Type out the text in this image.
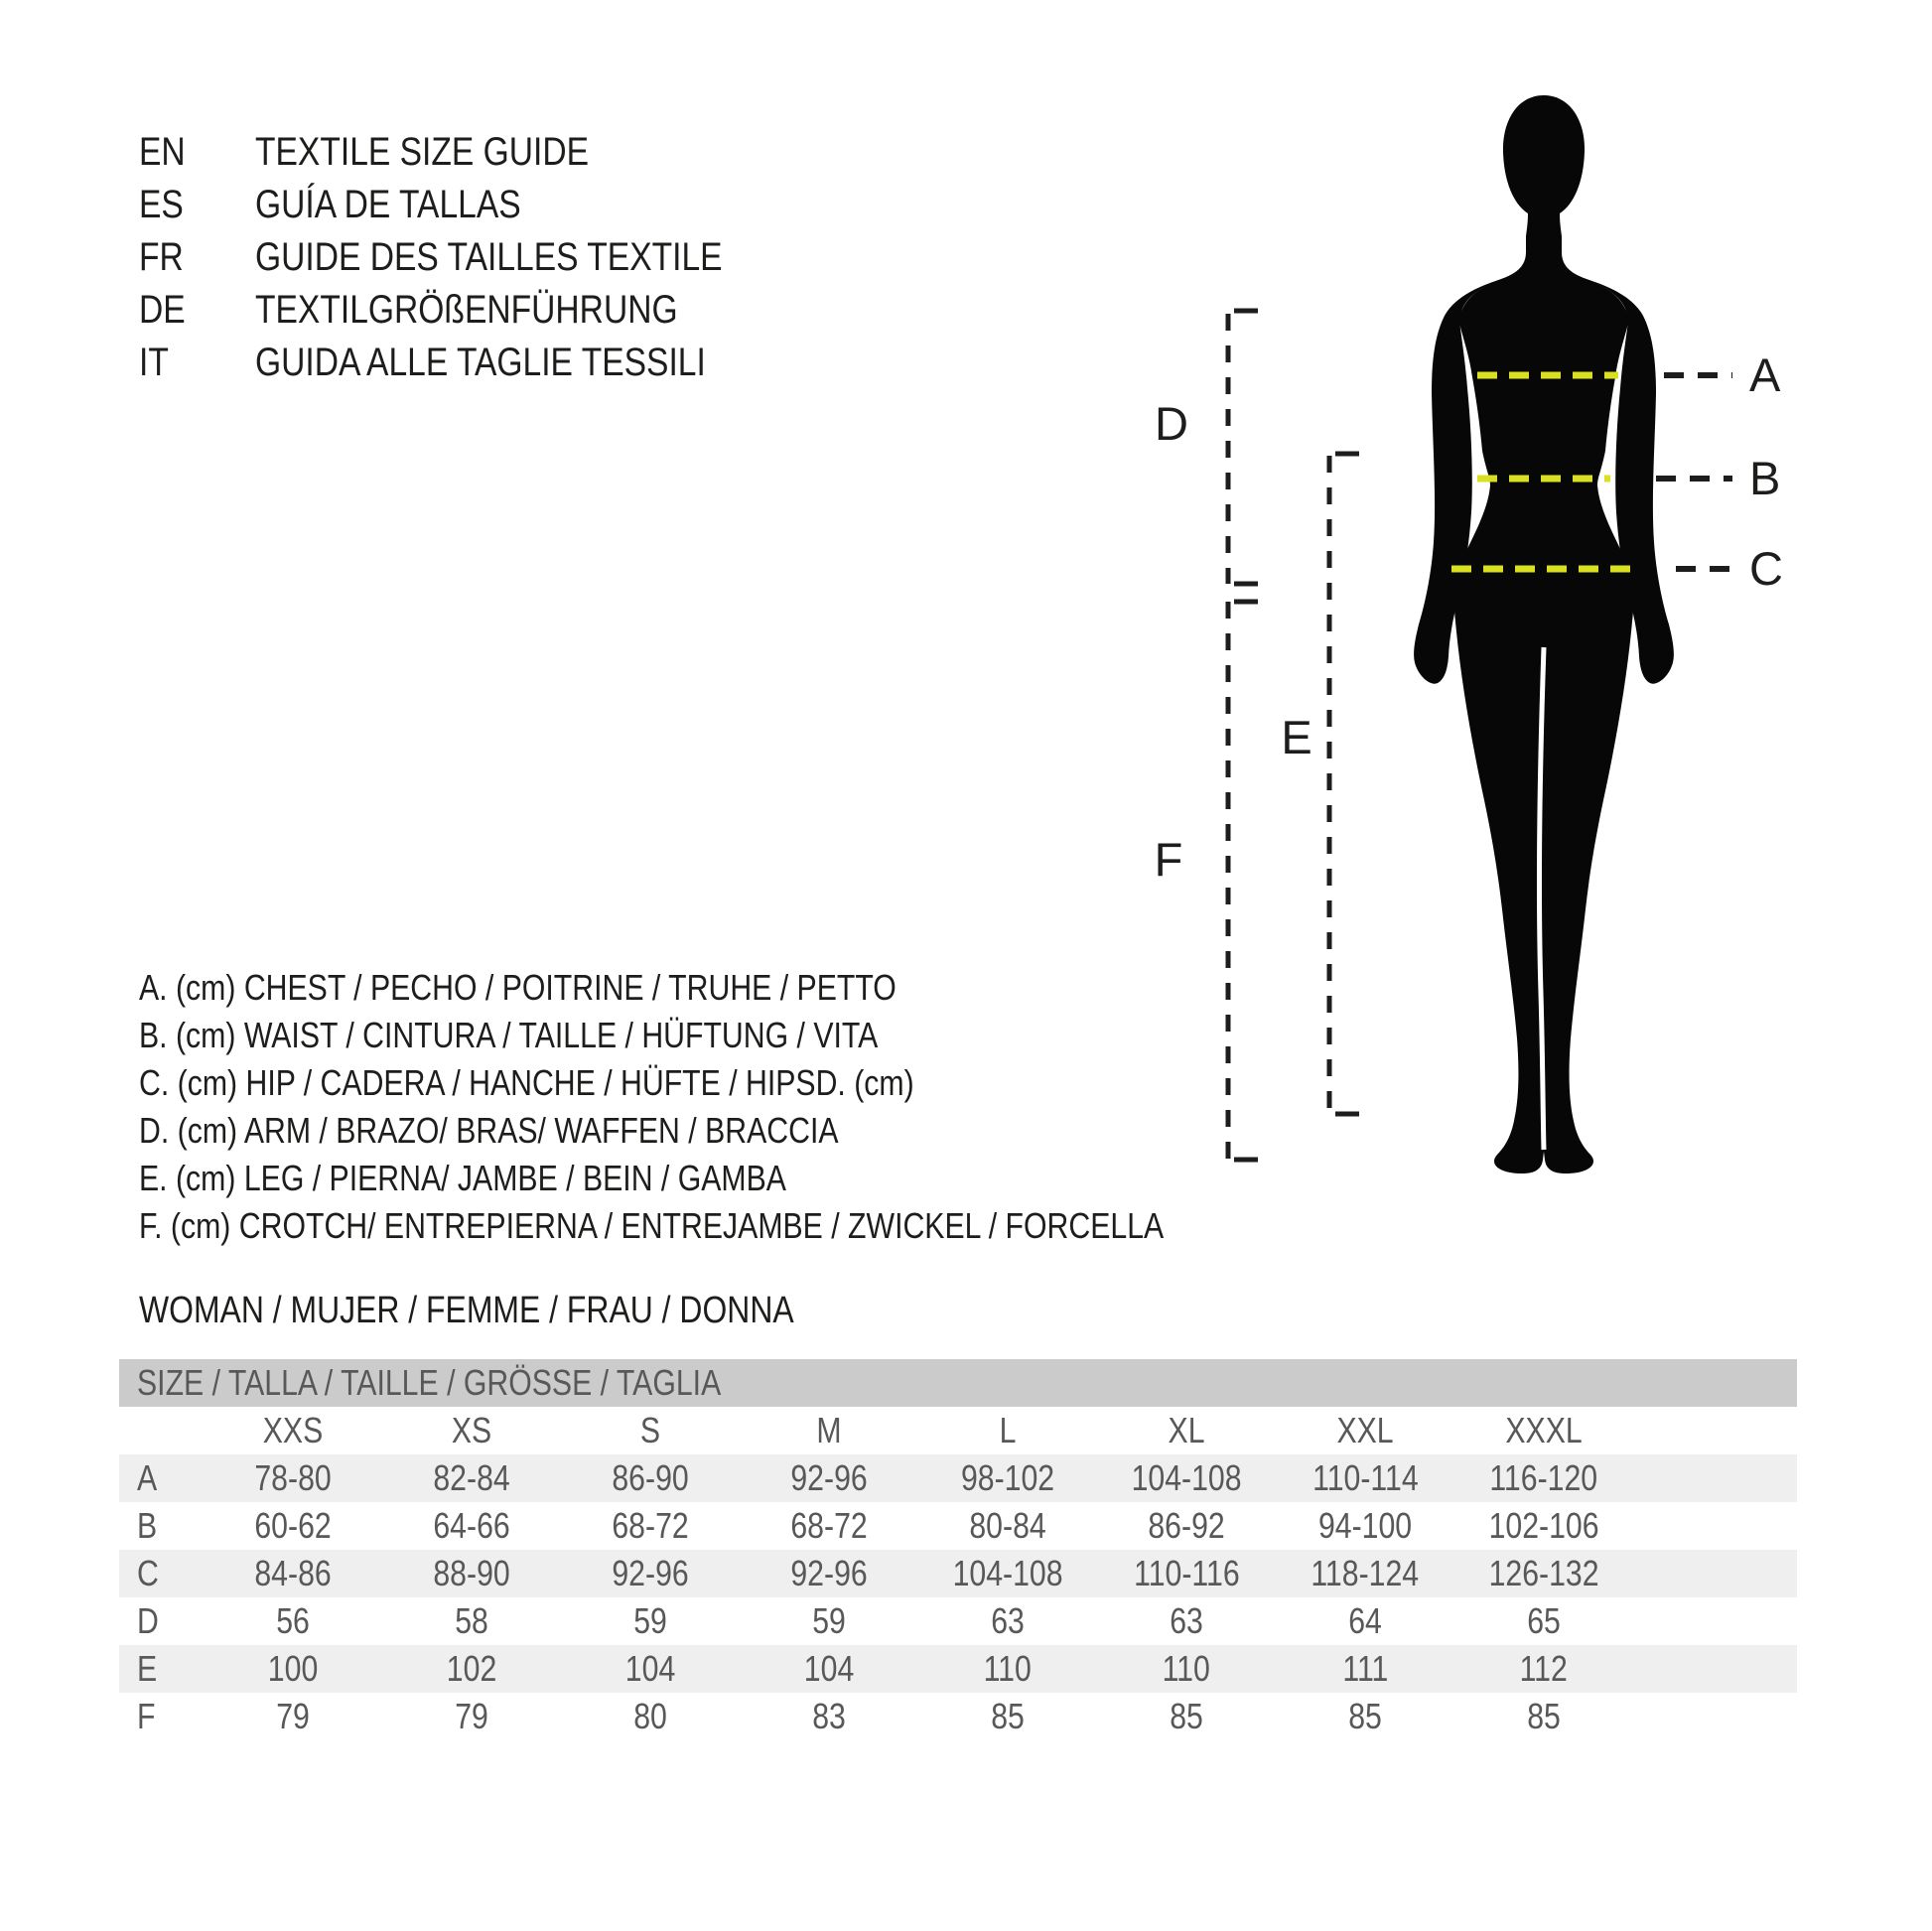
EN TEXTILE SIZE GUIDE
ES GUÍA DE TALLAS
FR GUIDE DES TAILLES TEXTILE
DE TEXTILGRÖßENFÜHRUNG
IT GUIDA ALLE TAGLIE TESSILI	A
B
C
D
E
F
A. (cm) CHEST / PECHO / POITRINE / TRUHE / PETTO
B. (cm) WAIST / CINTURA / TAILLE / HÜFTUNG / VITA
C. (cm) HIP / CADERA / HANCHE / HÜFTE / HIPSD. (cm)
D. (cm) ARM / BRAZO/ BRAS/ WAFFEN / BRACCIA
E. (cm) LEG / PIERNA/ JAMBE / BEIN / GAMBA
F. (cm) CROTCH/ ENTREPIERNA / ENTREJAMBE / ZWICKEL / FORCELLA
WOMAN / MUJER / FEMME / FRAU / DONNA
SIZE / TALLA / TAILLE / GRÖSSE / TAGLIA
XXS	XS	S	M	L	XL	XXL	XXXL
A	78-80	82-84	86-90	92-96	98-102 104-108 110-114 116-120
B	60-62	64-66	68-72	68-72	80-84	86-92	94-100 102-106
C	84-86	88-90	92-96	92-96 104-108 110-116 118-124 126-132
D	56	58	59	59	63	63	64	65
E	100	102	104	104	110	110	111	112
F	79	79	80	83	85	85	85	85
